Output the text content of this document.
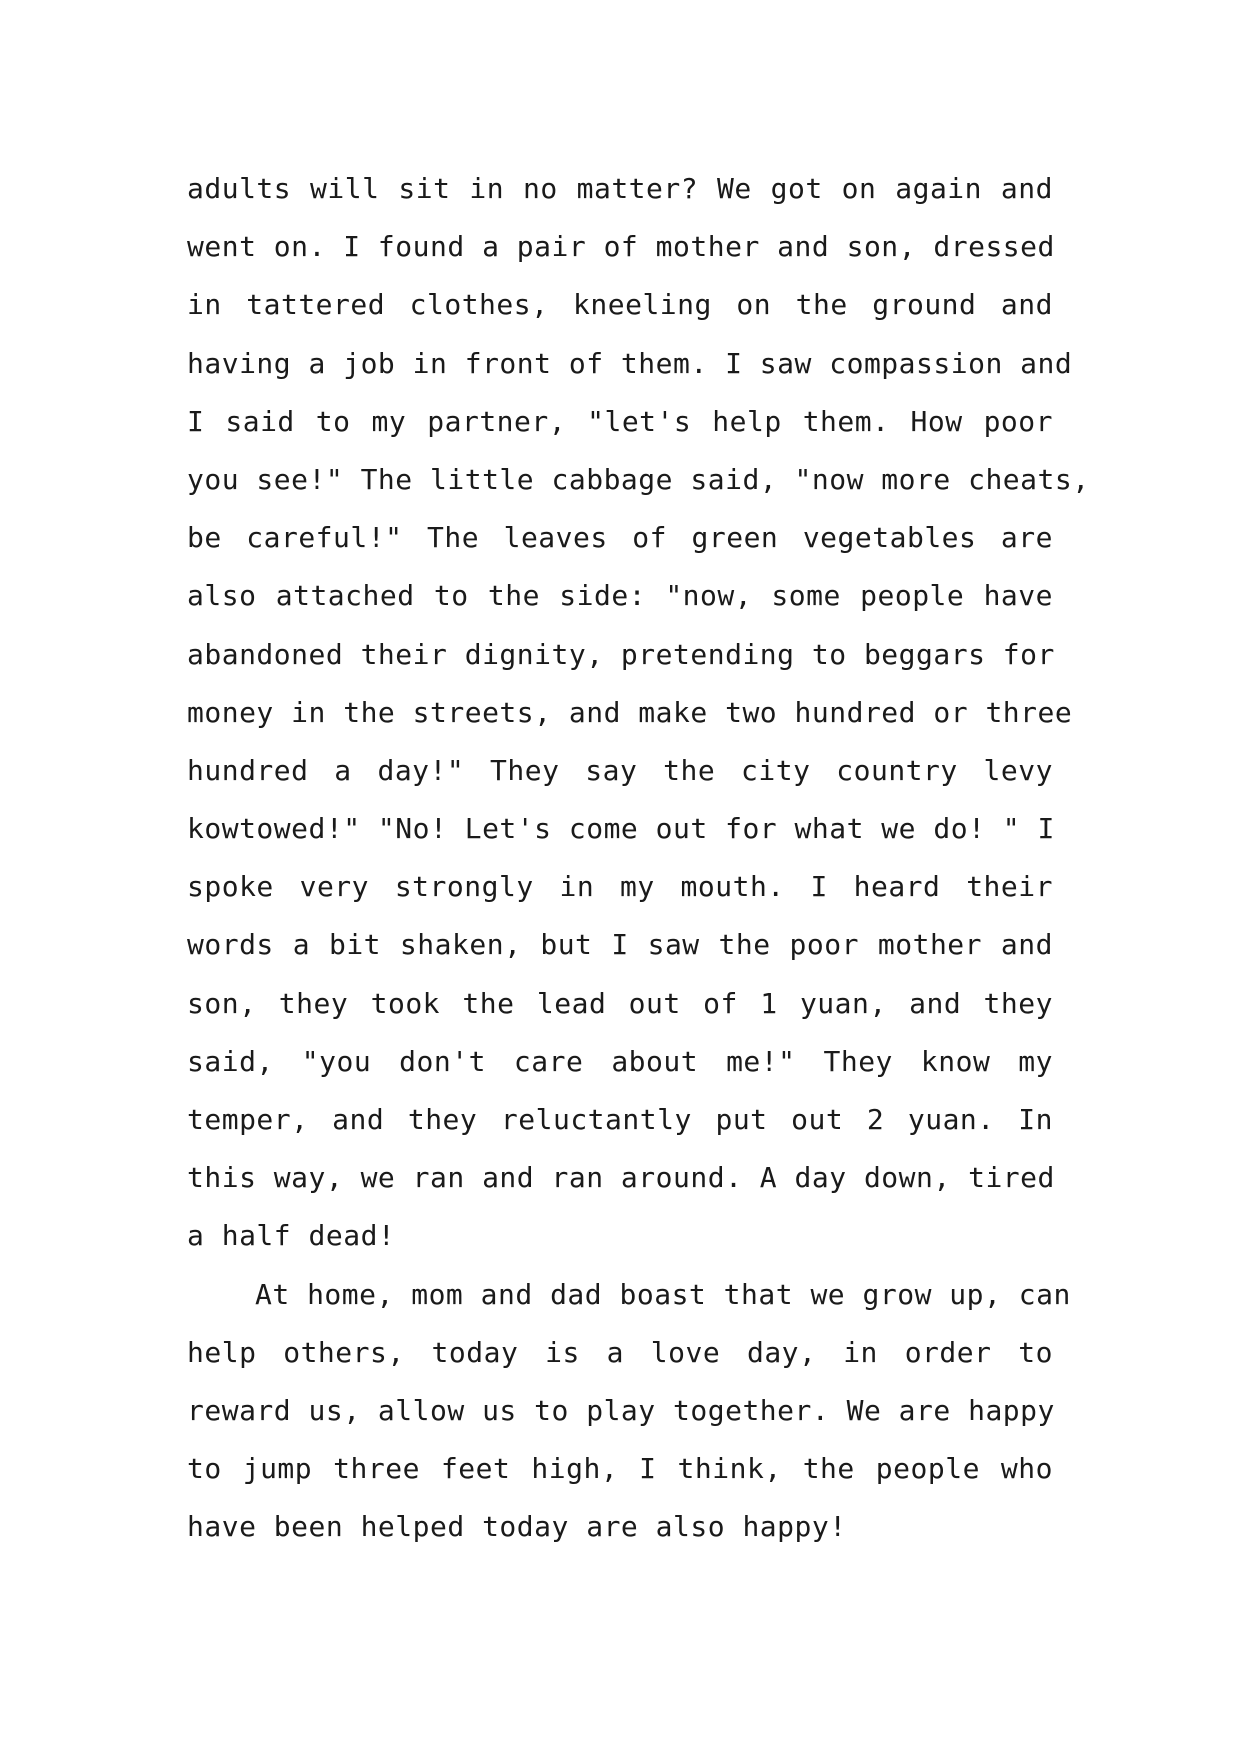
adults will sit in no matter? We got on again and
went on. I found a pair of mother and son, dressed
in tattered clothes, kneeling on the ground and
having a job in front of them. I saw compassion and
I said to my partner, "let's help them. How poor
you see!" The little cabbage said, "now more cheats,
be careful!" The leaves of green vegetables are
also attached to the side: "now, some people have
abandoned their dignity, pretending to beggars for
money in the streets, and make two hundred or three
hundred a day!" They say the city country levy
kowtowed!" "No! Let's come out for what we do! " I
spoke very strongly in my mouth. I heard their
words a bit shaken, but I saw the poor mother and
son, they took the lead out of 1 yuan, and they
said, "you don't care about me!" They know my
temper, and they reluctantly put out 2 yuan. In
this way, we ran and ran around. A day down, tired
a half dead!
At home, mom and dad boast that we grow up, can
help others, today is a love day, in order to
reward us, allow us to play together. We are happy
to jump three feet high, I think, the people who
have been helped today are also happy!
